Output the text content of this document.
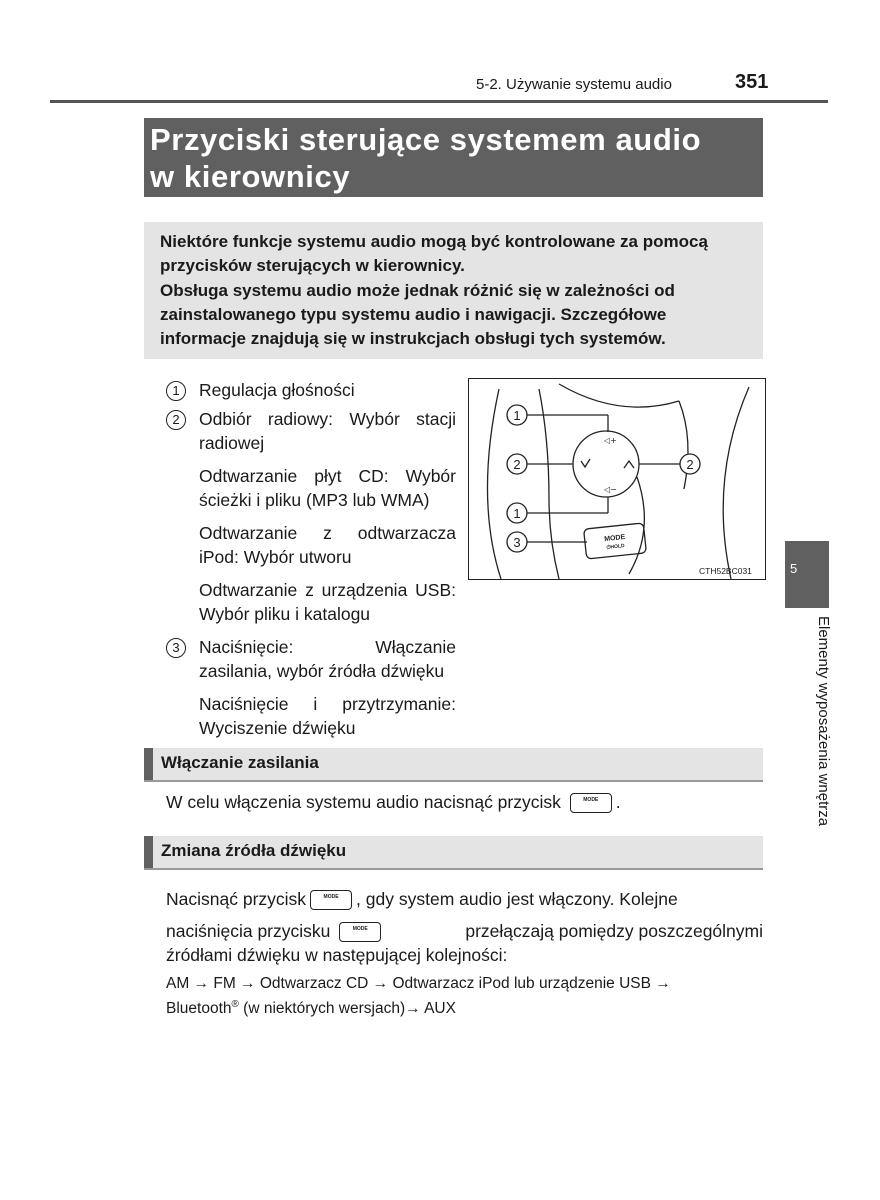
5-2. Używanie systemu audio	351
Przyciski sterujące systemem audio
w kierownicy
Niektóre funkcje systemu audio mogą być kontrolowane za pomocą
przycisków sterujących w kierownicy.
Obsługa systemu audio może jednak różnić się w zależności od
zainstalowanego typu systemu audio i nawigacji. Szczegółowe
informacje znajdują się w instrukcjach obsługi tych systemów.
1	Regulacja głośności
2	Odbiór radiowy: Wybór stacji radiowej
Odtwarzanie płyt CD: Wybór ścieżki i pliku (MP3 lub WMA)
Odtwarzanie z odtwarzacza iPod: Wybór utworu
Odtwarzanie z urządzenia USB: Wybór pliku i katalogu
3	Naciśnięcie: Włączanie zasilania, wybór źródła dźwięku
Naciśnięcie i przytrzymanie: Wyciszenie dźwięku
1
2	2
1
3	MODE
⏻HOLD
◁+
◁−
CTH52BC031	5
Elementy wyposażenia wnętrza
Włączanie zasilania
W celu włączenia systemu audio nacisnąć przycisk	MODE .
Zmiana źródła dźwięku
Nacisnąć przycisk	MODE , gdy system audio jest włączony. Kolejne
naciśnięcia przycisku	MODE	przełączają pomiędzy poszczególnymi
źródłami dźwięku w następującej kolejności:
AM → FM → Odtwarzacz CD → Odtwarzacz iPod lub urządzenie USB →
Bluetooth® (w niektórych wersjach)→ AUX
